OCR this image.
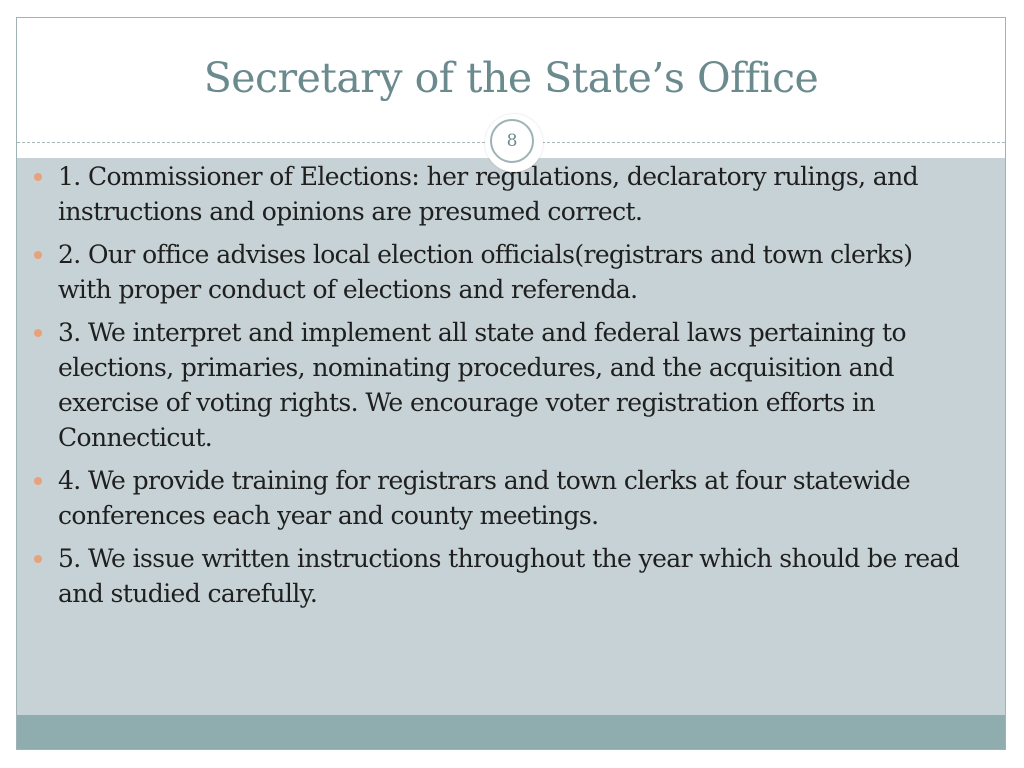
Secretary of the State’s Office
8
1. Commissioner of Elections: her regulations, declaratory rulings, and instructions and opinions are presumed correct.
2. Our office advises local election officials(registrars and town clerks) with proper conduct of elections and referenda.
3. We interpret and implement all state and federal laws pertaining to elections, primaries, nominating procedures, and the acquisition and exercise of voting rights. We encourage voter registration efforts in Connecticut.
4. We provide training for registrars and town clerks at four statewide conferences each year and county meetings.
5. We issue written instructions throughout the year which should be read and studied carefully.
